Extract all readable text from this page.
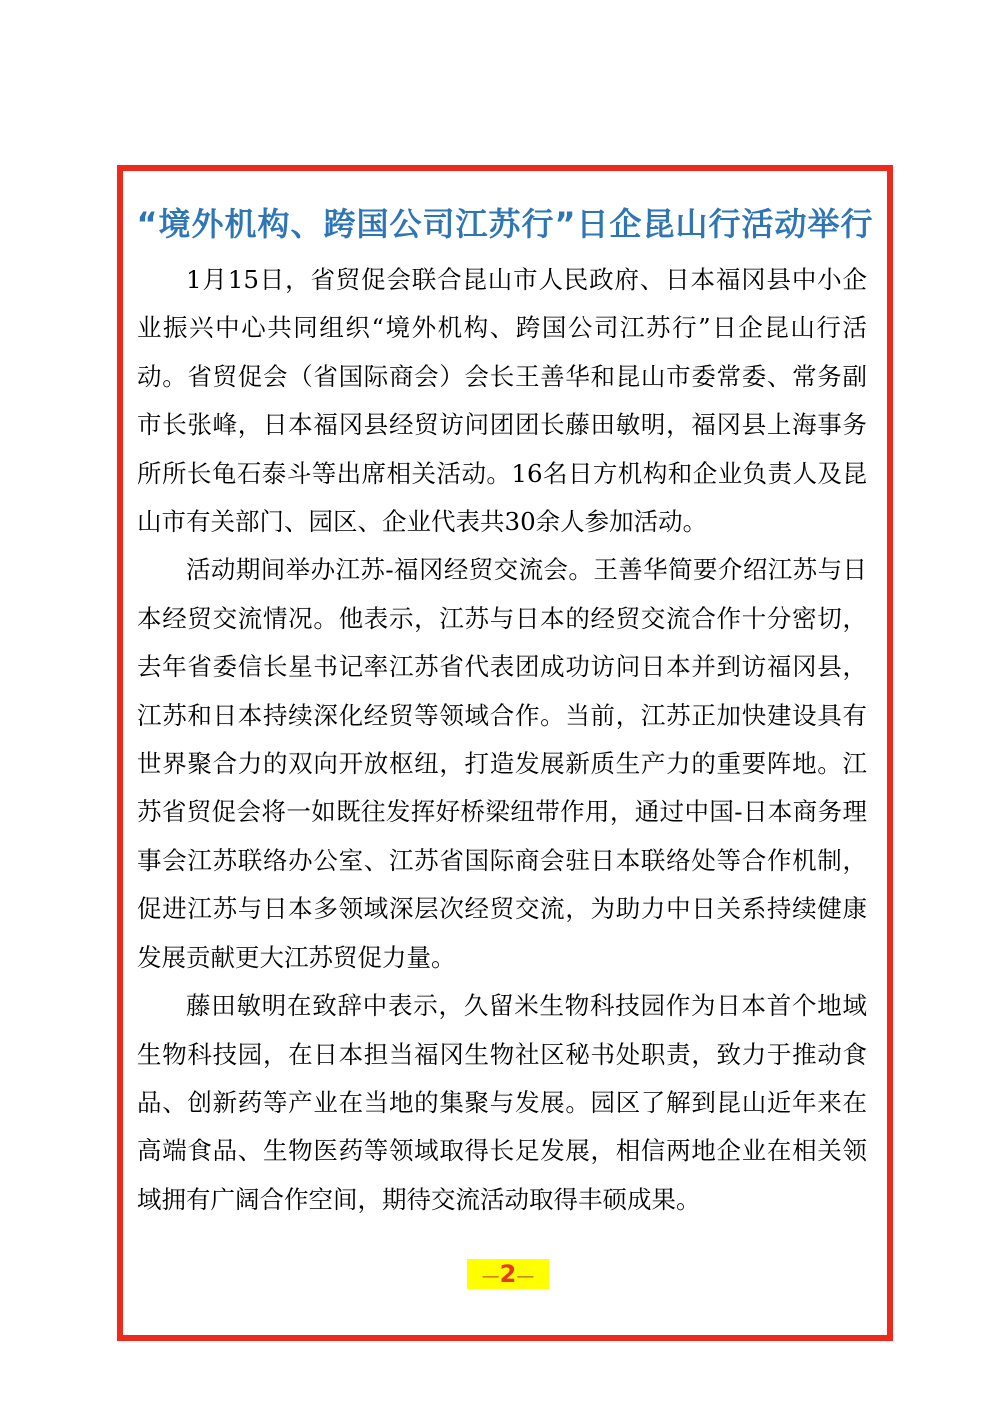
“境外机构、跨国公司江苏行”日企昆山行活动举行

1月15日，省贸促会联合昆山市人民政府、日本福冈县中小企业振兴中心共同组织“境外机构、跨国公司江苏行”日企昆山行活动。省贸促会（省国际商会）会长王善华和昆山市委常委、常务副市长张峰，日本福冈县经贸访问团团长藤田敏明，福冈县上海事务所所长龟石泰斗等出席相关活动。16名日方机构和企业负责人及昆山市有关部门、园区、企业代表共30余人参加活动。

活动期间举办江苏-福冈经贸交流会。王善华简要介绍江苏与日本经贸交流情况。他表示，江苏与日本的经贸交流合作十分密切，去年省委信长星书记率江苏省代表团成功访问日本并到访福冈县，江苏和日本持续深化经贸等领域合作。当前，江苏正加快建设具有世界聚合力的双向开放枢纽，打造发展新质生产力的重要阵地。江苏省贸促会将一如既往发挥好桥梁纽带作用，通过中国-日本商务理事会江苏联络办公室、江苏省国际商会驻日本联络处等合作机制，促进江苏与日本多领域深层次经贸交流，为助力中日关系持续健康发展贡献更大江苏贸促力量。

藤田敏明在致辞中表示，久留米生物科技园作为日本首个地域生物科技园，在日本担当福冈生物社区秘书处职责，致力于推动食品、创新药等产业在当地的集聚与发展。园区了解到昆山近年来在高端食品、生物医药等领域取得长足发展，相信两地企业在相关领域拥有广阔合作空间，期待交流活动取得丰硕成果。

—2—
